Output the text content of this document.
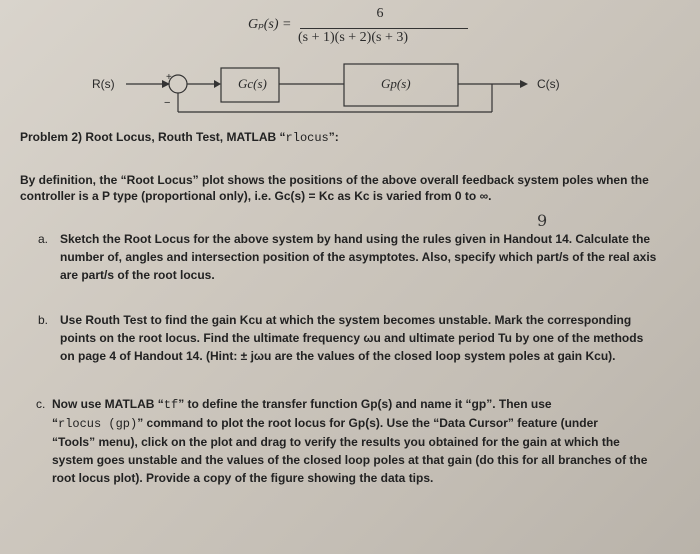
Gₚ(s) =
6
(s + 1)(s + 2)(s + 3)
R(s)	+
−
Gc(s)	Gp(s)	C(s)
Problem 2) Root Locus, Routh Test, MATLAB “rlocus”:
By definition, the “Root Locus” plot shows the positions of the above overall feedback system poles when the
controller is a P type (proportional only), i.e. Gc(s) = Kc as Kc is varied from 0 to ∞.
a. Sketch the Root Locus for the above system by hand using the rules given in Handout 14. Calculate the
number of, angles and intersection position of the asymptotes. Also, specify which part/s of the real axis
are part/s of the root locus.
9
b. Use Routh Test to find the gain Kcu at which the system becomes unstable. Mark the corresponding
points on the root locus. Find the ultimate frequency ωu and ultimate period Tu by one of the methods
on page 4 of Handout 14. (Hint: ± jωu are the values of the closed loop system poles at gain Kcu).
c. Now use MATLAB “tf” to define the transfer function Gp(s) and name it “gp”. Then use
“rlocus (gp)” command to plot the root locus for Gp(s). Use the “Data Cursor” feature (under
“Tools” menu), click on the plot and drag to verify the results you obtained for the gain at which the
system goes unstable and the values of the closed loop poles at that gain (do this for all branches of the
root locus plot). Provide a copy of the figure showing the data tips.
